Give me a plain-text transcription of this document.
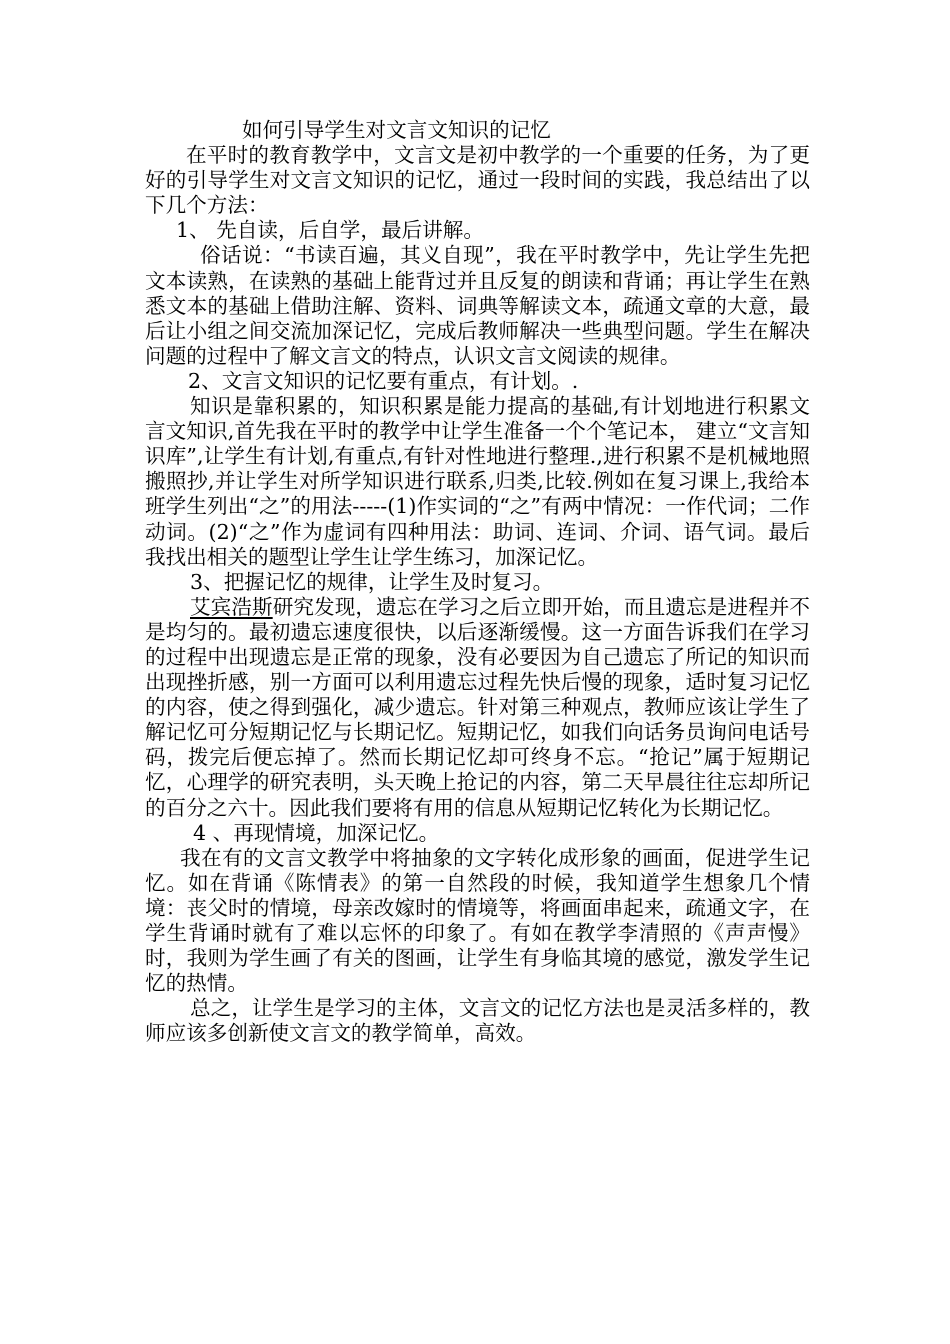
如何引导学生对文言文知识的记忆

在平时的教育教学中，文言文是初中教学的一个重要的任务，为了更好的引导学生对文言文知识的记忆，通过一段时间的实践，我总结出了以下几个方法：

1、 先自读，后自学，最后讲解。

俗话说：“书读百遍，其义自现”，我在平时教学中，先让学生先把文本读熟，在读熟的基础上能背过并且反复的朗读和背诵；再让学生在熟悉文本的基础上借助注解、资料、词典等解读文本，疏通文章的大意，最后让小组之间交流加深记忆，完成后教师解决一些典型问题。学生在解决问题的过程中了解文言文的特点，认识文言文阅读的规律。

2、文言文知识的记忆要有重点，有计划。.

知识是靠积累的，知识积累是能力提高的基础,有计划地进行积累文言文知识,首先我在平时的教学中让学生准备一个个笔记本， 建立“文言知识库”,让学生有计划,有重点,有针对性地进行整理.,进行积累不是机械地照搬照抄,并让学生对所学知识进行联系,归类,比较.例如在复习课上,我给本班学生列出“之”的用法-----(1)作实词的“之”有两中情况：一作代词；二作动词。(2)“之”作为虚词有四种用法：助词、连词、介词、语气词。最后我找出相关的题型让学生让学生练习，加深记忆。

3、把握记忆的规律，让学生及时复习。

艾宾浩斯研究发现，遗忘在学习之后立即开始，而且遗忘是进程并不是均匀的。最初遗忘速度很快，以后逐渐缓慢。这一方面告诉我们在学习的过程中出现遗忘是正常的现象，没有必要因为自己遗忘了所记的知识而出现挫折感，别一方面可以利用遗忘过程先快后慢的现象，适时复习记忆的内容，使之得到强化，减少遗忘。针对第三种观点，教师应该让学生了解记忆可分短期记忆与长期记忆。短期记忆，如我们向话务员询问电话号码，拨完后便忘掉了。然而长期记忆却可终身不忘。“抢记”属于短期记忆，心理学的研究表明，头天晚上抢记的内容，第二天早晨往往忘却所记的百分之六十。因此我们要将有用的信息从短期记忆转化为长期记忆。

4 、再现情境，加深记忆。

我在有的文言文教学中将抽象的文字转化成形象的画面，促进学生记忆。如在背诵《陈情表》的第一自然段的时候，我知道学生想象几个情境：丧父时的情境，母亲改嫁时的情境等，将画面串起来，疏通文字，在学生背诵时就有了难以忘怀的印象了。有如在教学李清照的《声声慢》时，我则为学生画了有关的图画，让学生有身临其境的感觉，激发学生记忆的热情。

总之，让学生是学习的主体，文言文的记忆方法也是灵活多样的，教师应该多创新使文言文的教学简单，高效。
